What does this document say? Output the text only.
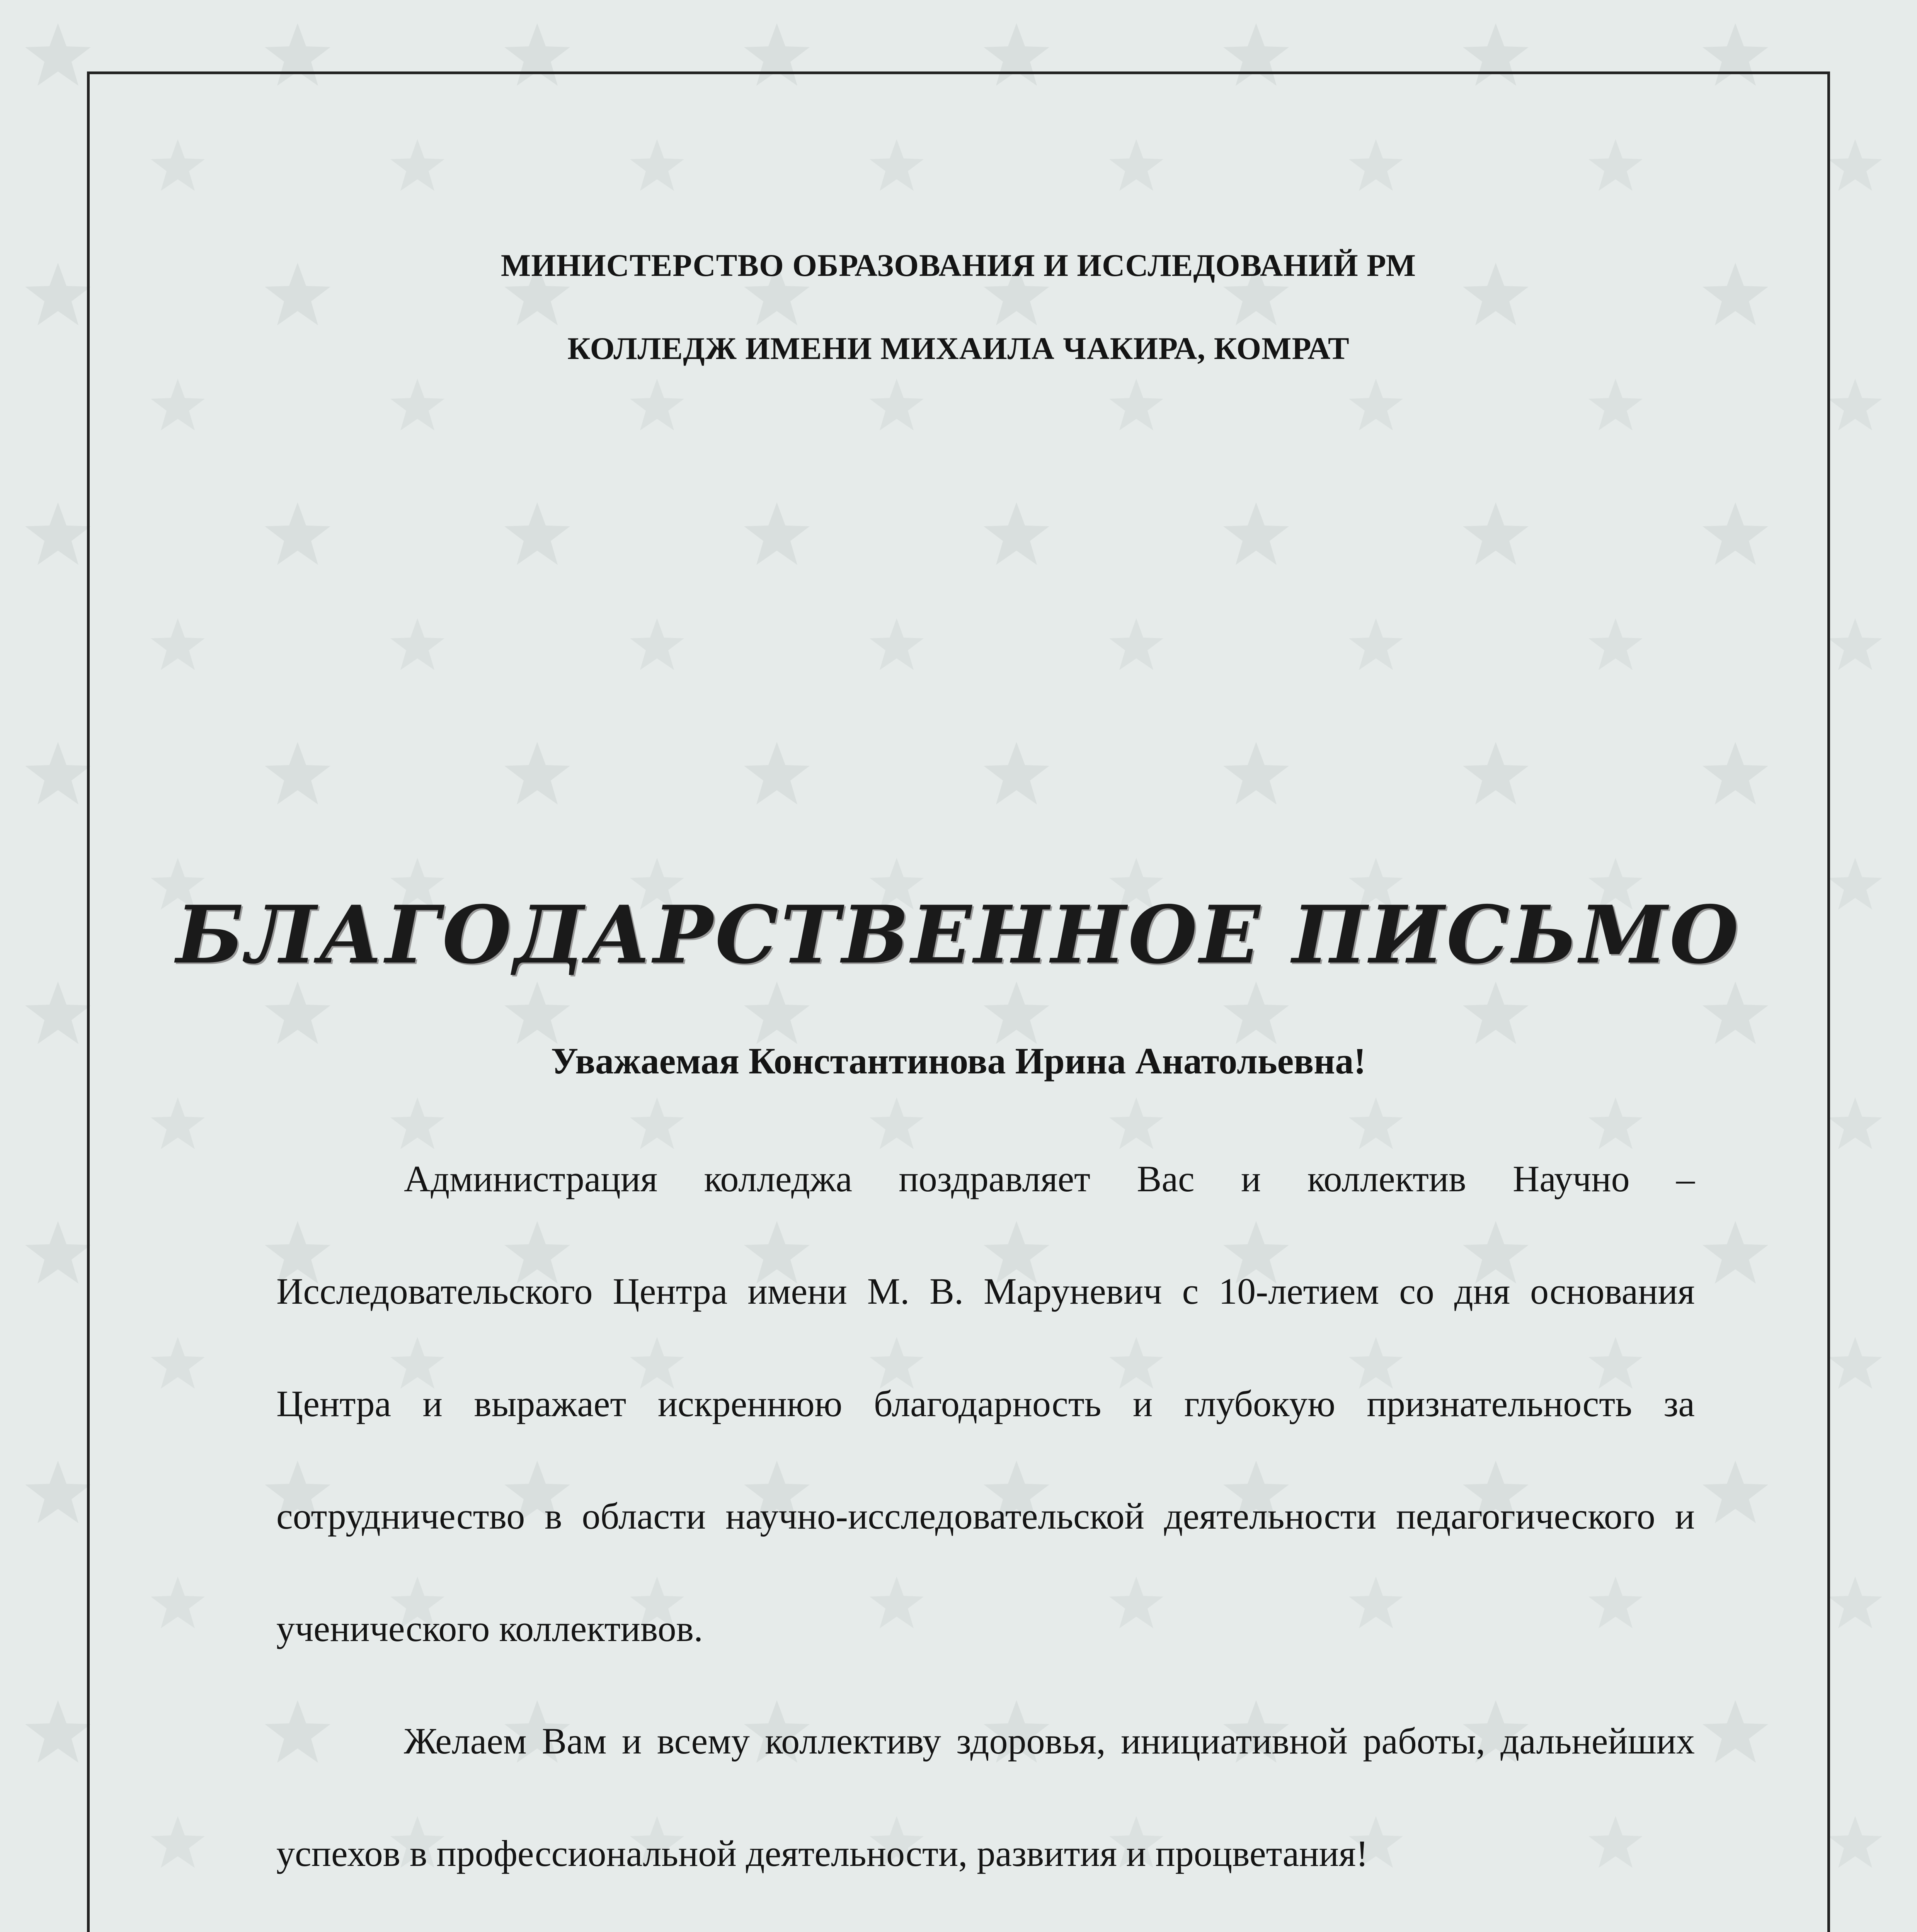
МИНИСТЕРСТВО ОБРАЗОВАНИЯ И ИССЛЕДОВАНИЙ РМ
КОЛЛЕДЖ ИМЕНИ МИХАИЛА ЧАКИРА, КОМРАТ
БЛАГОДАРСТВЕННОЕ ПИСЬМО
Уважаемая Константинова Ирина Анатольевна!

Администрация колледжа поздравляет Вас и коллектив Научно – Исследовательского Центра имени М. В. Маруневич с 10-летием со дня основания Центра и выражает искреннюю благодарность и глубокую признательность за сотрудничество в области научно-исследовательской деятельности педагогического и ученического коллективов.

Желаем Вам и всему коллективу здоровья, инициативной работы, дальнейших успехов в профессиональной деятельности, развития и процветания!
